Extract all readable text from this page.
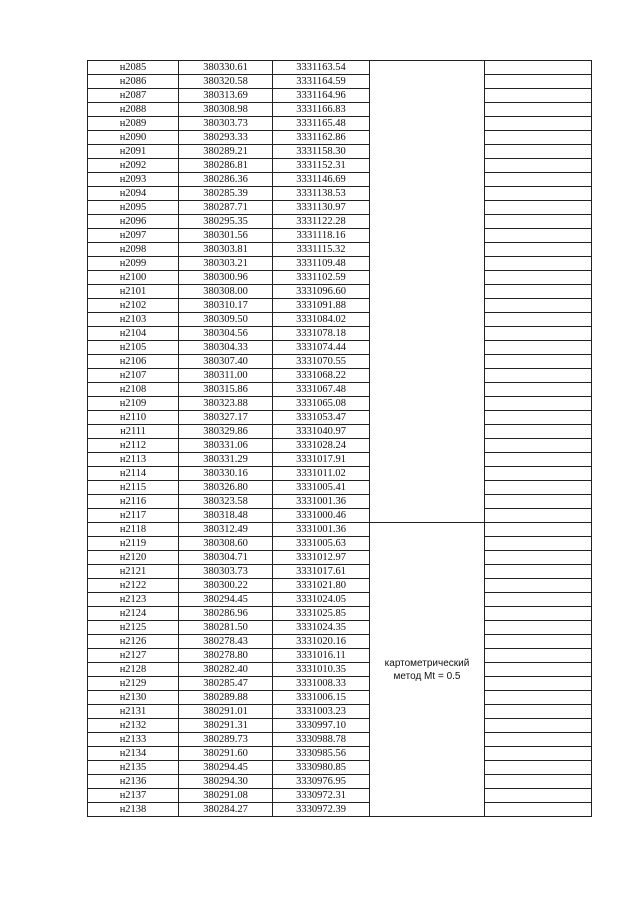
н2085	380330.61	3331163.54		
н2086	380320.58	3331164.59		
н2087	380313.69	3331164.96		
н2088	380308.98	3331166.83		
н2089	380303.73	3331165.48		
н2090	380293.33	3331162.86		
н2091	380289.21	3331158.30		
н2092	380286.81	3331152.31		
н2093	380286.36	3331146.69		
н2094	380285.39	3331138.53		
н2095	380287.71	3331130.97		
н2096	380295.35	3331122.28		
н2097	380301.56	3331118.16		
н2098	380303.81	3331115.32		
н2099	380303.21	3331109.48		
н2100	380300.96	3331102.59		
н2101	380308.00	3331096.60		
н2102	380310.17	3331091.88		
н2103	380309.50	3331084.02		
н2104	380304.56	3331078.18		
н2105	380304.33	3331074.44		
н2106	380307.40	3331070.55		
н2107	380311.00	3331068.22		
н2108	380315.86	3331067.48		
н2109	380323.88	3331065.08		
н2110	380327.17	3331053.47		
н2111	380329.86	3331040.97		
н2112	380331.06	3331028.24		
н2113	380331.29	3331017.91		
н2114	380330.16	3331011.02		
н2115	380326.80	3331005.41		
н2116	380323.58	3331001.36		
н2117	380318.48	3331000.46		
н2118	380312.49	3331001.36	картометрический
метод Mt = 0.5	

н2119	380308.60	3331005.63		
н2120	380304.71	3331012.97		
н2121	380303.73	3331017.61		
н2122	380300.22	3331021.80		
н2123	380294.45	3331024.05		
н2124	380286.96	3331025.85		
н2125	380281.50	3331024.35		
н2126	380278.43	3331020.16		
н2127	380278.80	3331016.11		
н2128	380282.40	3331010.35		
н2129	380285.47	3331008.33		
н2130	380289.88	3331006.15		
н2131	380291.01	3331003.23		
н2132	380291.31	3330997.10		
н2133	380289.73	3330988.78		
н2134	380291.60	3330985.56		
н2135	380294.45	3330980.85		
н2136	380294.30	3330976.95		
н2137	380291.08	3330972.31		
н2138	380284.27	3330972.39		
